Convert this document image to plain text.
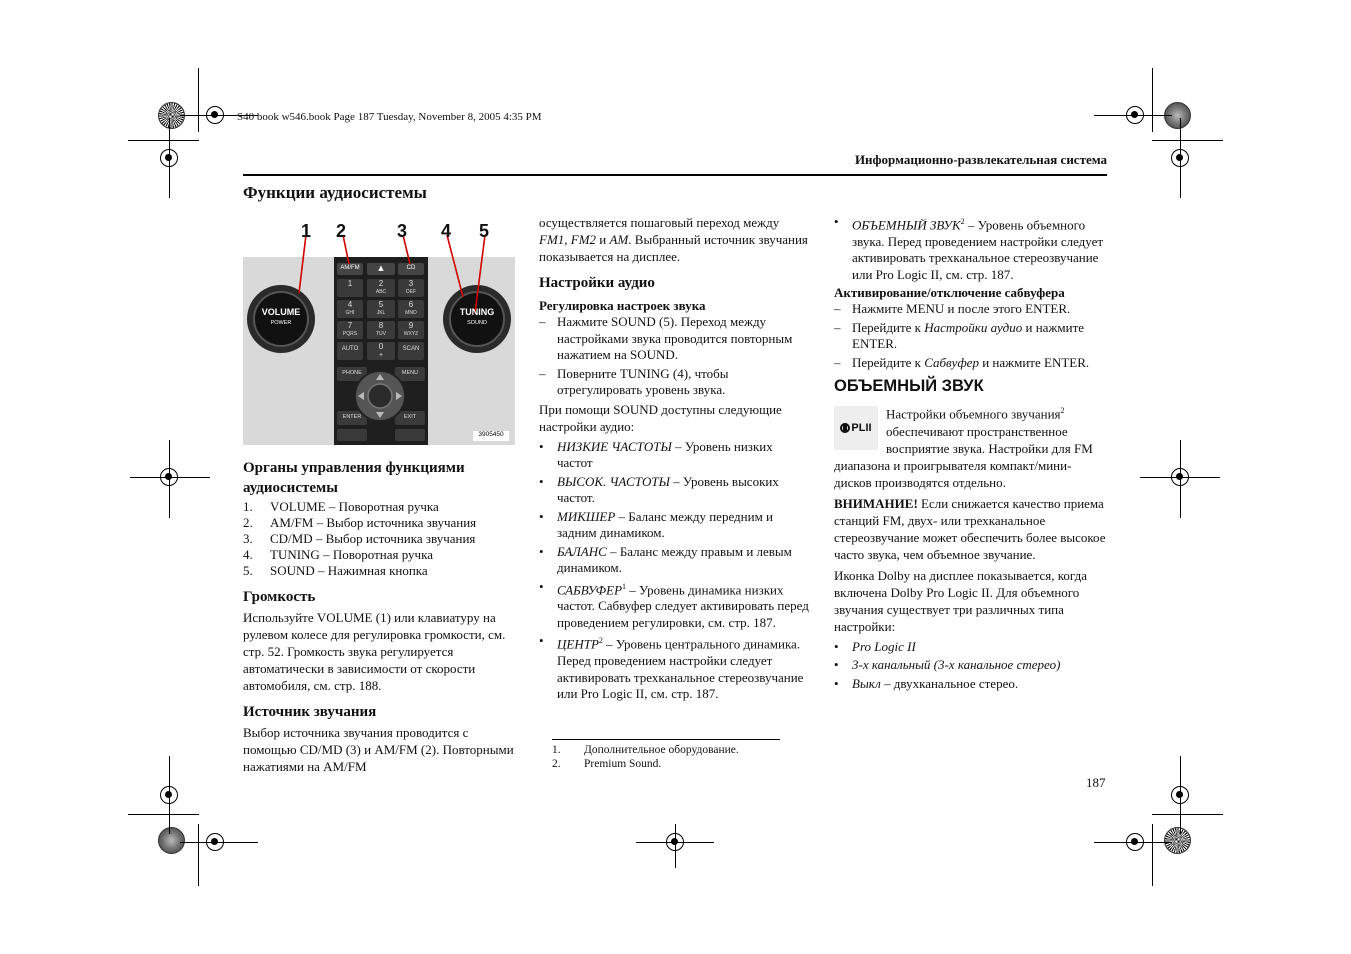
S40 book w546.book Page 187 Tuesday, November 8, 2005 4:35 PM
Информационно-развлекательная система
Функции аудиосистемы
1 2	3 4 5
VOLUME
POWER
TUNING
SOUND
AM/FM	▲	CD
1	2
ABC
3
DEF
4
GHI
5
JKL
6
MNO
7
PQRS
8
TUV
9
WXYZ
AUTO	0
+
SCAN
PHONE	MENU
ENTER	EXIT
3905450
Органы управления функциями аудиосистемы
1.	VOLUME – Поворотная ручка
2.	AM/FM – Выбор источника звучания
3.	CD/MD – Выбор источника звучания
4.	TUNING – Поворотная ручка
5.	SOUND – Нажимная кнопка
Громкость

Используйте VOLUME (1) или клавиатуру на рулевом колесе для регулировка громкости, см. стр. 52. Громкость звука регулируется автоматически в зависимости от скорости автомобиля, см. стр. 188.

Источник звучания

Выбор источника звучания проводится с помощью CD/MD (3) и AM/FM (2). Повторными нажатиями на AM/FM

осуществляется пошаговый переход между FM1, FM2 и AM. Выбранный источник звучания показывается на дисплее.

Настройки аудио
Регулировка настроек звука
– Нажмите SOUND (5). Переход между настройками звука проводится повторным нажатием на SOUND.
– Поверните TUNING (4), чтобы отрегулировать уровень звука.

При помощи SOUND доступны следующие настройки аудио:

• НИЗКИЕ ЧАСТОТЫ – Уровень низких частот
• ВЫСОК. ЧАСТОТЫ – Уровень высоких частот.
• МИКШЕР – Баланс между передним и задним динамиком.
• БАЛАНС – Баланс между правым и левым динамиком.
• САБВУФЕР$^1$ – Уровень динамика низких частот. Сабвуфер следует активировать перед проведением регулировки, см. стр. 187.
• ЦЕНТР$^2$ – Уровень центрального динамика. Перед проведением настройки следует активировать трехканальное стереозвучание или Pro Logic II, см. стр. 187.
1.	Дополнительное оборудование.
2.	Premium Sound.
• ОБЪЕМНЫЙ ЗВУК$^2$ – Уровень объемного звука. Перед проведением настройки следует активировать трехканальное стереозвучание или Pro Logic II, см. стр. 187.
Активирование/отключение сабвуфера
– Нажмите MENU и после этого ENTER.
– Перейдите к Настройки аудио и нажмите ENTER.
– Перейдите к Сабвуфер и нажмите ENTER.
ОБЪЕМНЫЙ ЗВУК
PLII

Настройки объемного звучания$^2$ обеспечивают пространственное восприятие звука. Настройки для FM диапазона и проигрывателя компакт/мини-дисков производятся отдельно.

ВНИМАНИЕ! Если снижается качество приема станций FM, двух- или трехканальное стереозвучание может обеспечить более высокое часто звука, чем объемное звучание.

Иконка Dolby на дисплее показывается, когда включена Dolby Pro Logic II. Для объемного звучания существует три различных типа настройки:

• Pro Logic II
• 3-х канальный (3-х канальное стерео)
• Выкл – двухканальное стерео.
187
